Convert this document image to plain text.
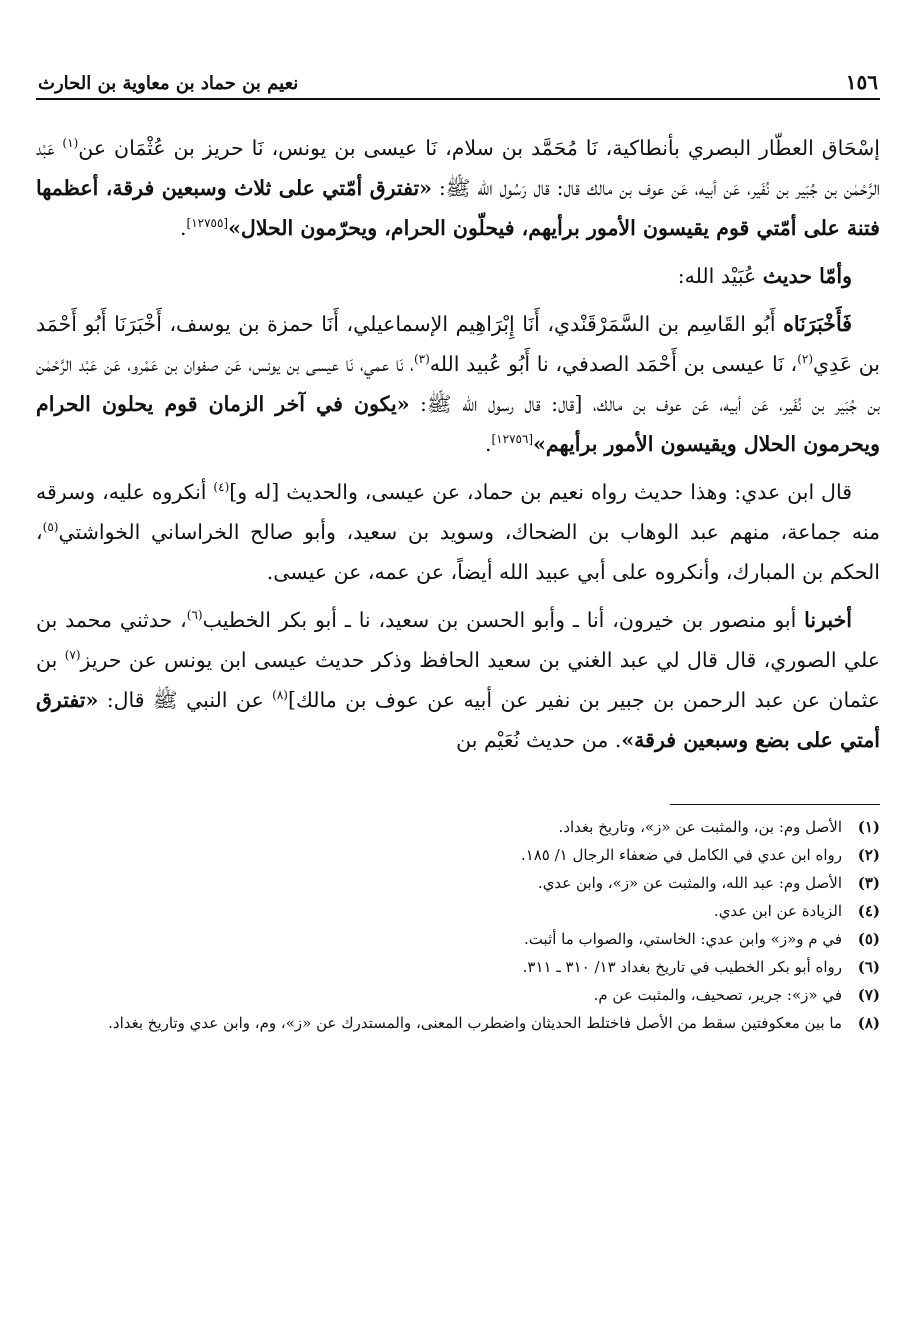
١٥٦
نعيم بن حماد بن معاوية بن الحارث

إسْحَاق العطّار البصري بأنطاكية، نَا مُحَمَّد بن سلام، نَا عيسى بن يونس، نَا حريز بن عُثْمَان عن$^{(١)}$ عَبْد الرَّحْمٰن بن جُبَير بن نُفَير، عَن أبيه، عَن عوف بن مالك قال: قال رَسُول الله ﷺ: «تفترق أمّتي على ثلاث وسبعين فرقة، أعظمها فتنة على أمّتي قوم يقيسون الأمور برأيهم، فيحلّون الحرام، ويحرّمون الحلال»[١٢٧٥٥].

وأمّا حديث عُبَيْد الله:

فَأَخْبَرَنَاه أَبُو القَاسِم بن السَّمَرْقَنْدي، أَنَا إِبْرَاهِيم الإسماعيلي، أَنَا حمزة بن يوسف، أَخْبَرَنَا أَبُو أَحْمَد بن عَدِي$^{(٢)}$، نَا عيسى بن أَحْمَد الصدفي، نا أَبُو عُبيد الله$^{(٣)}$، نَا عمي، نَا عيسى بن يونس، عَن صفوان بن عَمْرو، عَن عَبْد الرَّحْمٰن بن جُبَير بن نُفَير، عَن أبيه، عَن عوف بن مالك، [قال: قال رسول الله ﷺ: «يكون في آخر الزمان قوم يحلون الحرام ويحرمون الحلال ويقيسون الأمور برأيهم»[١٢٧٥٦].

قال ابن عدي: وهذا حديث رواه نعيم بن حماد، عن عيسى، والحديث [له و]$^{(٤)}$ أنكروه عليه، وسرقه منه جماعة، منهم عبد الوهاب بن الضحاك، وسويد بن سعيد، وأبو صالح الخراساني الخواشتي$^{(٥)}$، الحكم بن المبارك، وأنكروه على أبي عبيد الله أيضاً، عن عمه، عن عيسى.

أخبرنا أبو منصور بن خيرون، أنا ـ وأبو الحسن بن سعيد، نا ـ أبو بكر الخطيب$^{(٦)}$، حدثني محمد بن علي الصوري، قال قال لي عبد الغني بن سعيد الحافظ وذكر حديث عيسى ابن يونس عن حريز$^{(٧)}$ بن عثمان عن عبد الرحمن بن جبير بن نفير عن أبيه عن عوف بن مالك]$^{(٨)}$ عن النبي ﷺ قال: «تفترق أمتي على بضع وسبعين فرقة». من حديث نُعَيْم بن

(١)
الأصل وم: بن، والمثبت عن «ز»، وتاريخ بغداد.
(٢)
رواه ابن عدي في الكامل في ضعفاء الرجال ١/ ١٨٥.
(٣)
الأصل وم: عبد الله، والمثبت عن «ز»، وابن عدي.
(٤)
الزيادة عن ابن عدي.
(٥)
في م و«ز» وابن عدي: الخاستي، والصواب ما أثبت.
(٦)
رواه أبو بكر الخطيب في تاريخ بغداد ١٣/ ٣١٠ ـ ٣١١.
(٧)
في «ز»: جرير، تصحيف، والمثبت عن م.
(٨)
ما بين معكوفتين سقط من الأصل فاختلط الحديثان واضطرب المعنى، والمستدرك عن «ز»، وم، وابن عدي وتاريخ بغداد.
